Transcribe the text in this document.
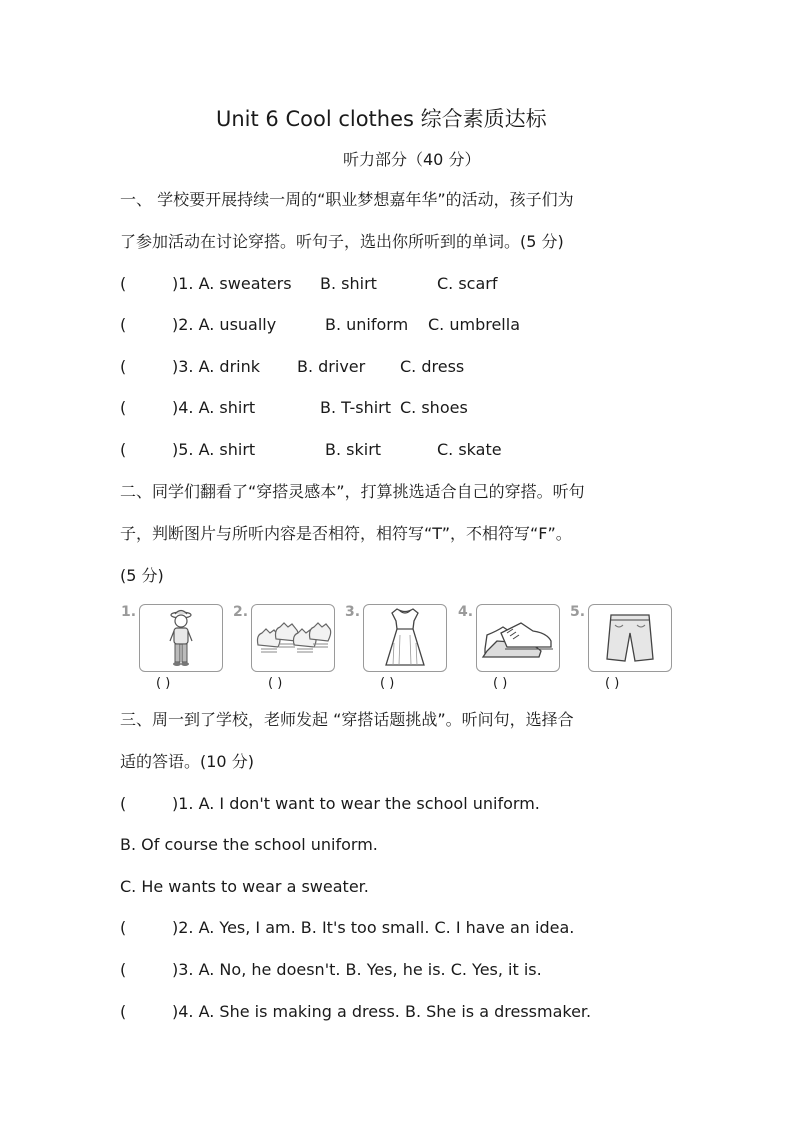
Unit 6 Cool clothes 综合素质达标
听力部分（40 分）
一、 学校要开展持续一周的“职业梦想嘉年华”的活动，孩子们为
了参加活动在讨论穿搭。听句子，选出你所听到的单词。(5 分)
(	)1. A. sweaters B. shirt	C. scarf
(	)2. A. usually	B. uniform C. umbrella
(	)3. A. drink B. driver C. dress
(	)4. A. shirt	B. T-shirt C. shoes
(	)5. A. shirt	B. skirt	C. skate
二、同学们翻看了“穿搭灵感本”，打算挑选适合自己的穿搭。听句
子，判断图片与所听内容是否相符，相符写“T”，不相符写“F”。
(5 分)
1.
( )
2.
( )
3.
( )
4.
( )
5.
( )
三、周一到了学校，老师发起 “穿搭话题挑战”。听问句，选择合
适的答语。(10 分)
(	)1. A. I don't want to wear the school uniform.
B. Of course the school uniform.
C. He wants to wear a sweater.
(	)2. A. Yes, I am. B. It's too small. C. I have an idea.
(	)3. A. No, he doesn't. B. Yes, he is. C. Yes, it is.
(	)4. A. She is making a dress. B. She is a dressmaker.
